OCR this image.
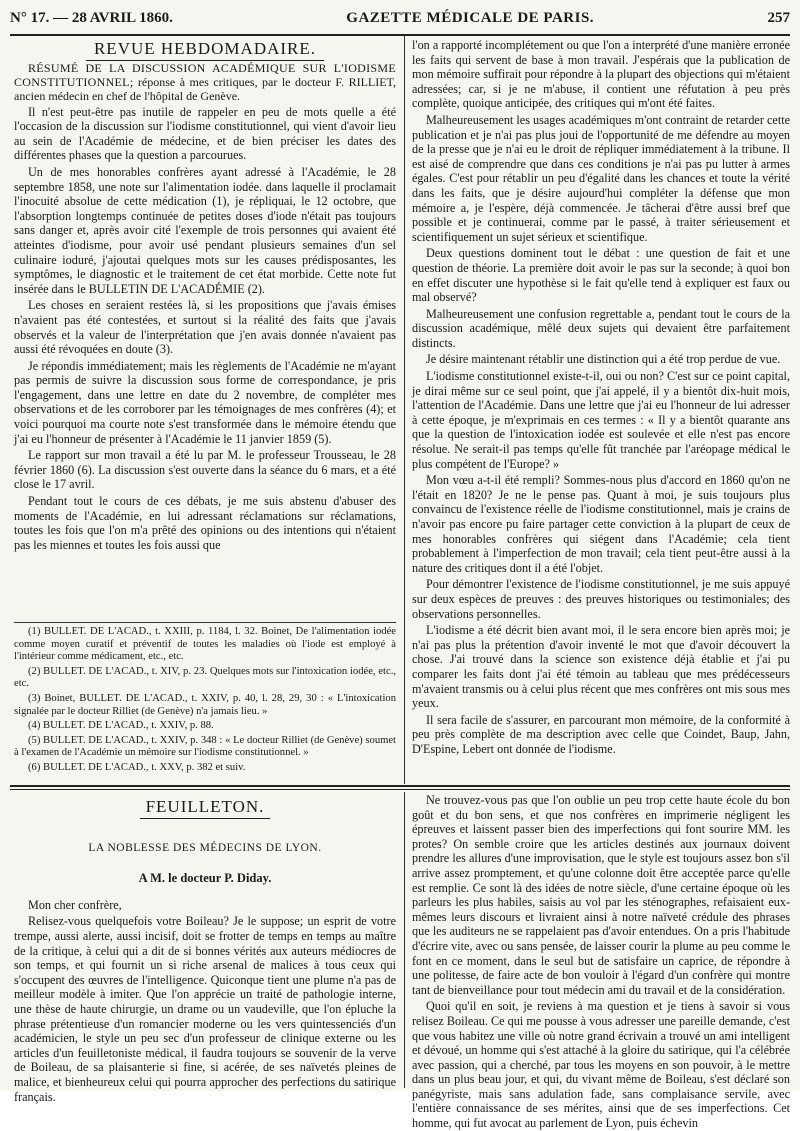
N° 17. — 28 AVRIL 1860.	GAZETTE MÉDICALE DE PARIS.	257
REVUE HEBDOMADAIRE.

RÉSUMÉ DE LA DISCUSSION ACADÉMIQUE SUR L'IODISME CONSTITUTIONNEL; réponse à mes critiques, par le docteur F. RILLIET, ancien médecin en chef de l'hôpital de Genève.

Il n'est peut-être pas inutile de rappeler en peu de mots quelle a été l'occasion de la discussion sur l'iodisme constitutionnel, qui vient d'avoir lieu au sein de l'Académie de médecine, et de bien préciser les dates des différentes phases que la question a parcourues.

Un de mes honorables confrères ayant adressé à l'Académie, le 28 septembre 1858, une note sur l'alimentation iodée. dans laquelle il proclamait l'inocuité absolue de cette médication (1), je répliquai, le 12 octobre, que l'absorption longtemps continuée de petites doses d'iode n'était pas toujours sans danger et, après avoir cité l'exemple de trois personnes qui avaient été atteintes d'iodisme, pour avoir usé pendant plusieurs semaines d'un sel culinaire ioduré, j'ajoutai quelques mots sur les causes prédisposantes, les symptômes, le diagnostic et le traitement de cet état morbide. Cette note fut insérée dans le BULLETIN DE L'ACADÉMIE (2).

Les choses en seraient restées là, si les propositions que j'avais émises n'avaient pas été contestées, et surtout si la réalité des faits que j'avais observés et la valeur de l'interprétation que j'en avais donnée n'avaient pas aussi été révoquées en doute (3).

Je répondis immédiatement; mais les règlements de l'Académie ne m'ayant pas permis de suivre la discussion sous forme de correspondance, je pris l'engagement, dans une lettre en date du 2 novembre, de compléter mes observations et de les corroborer par les témoignages de mes confrères (4); et voici pourquoi ma courte note s'est transformée dans le mémoire étendu que j'ai eu l'honneur de présenter à l'Académie le 11 janvier 1859 (5).

Le rapport sur mon travail a été lu par M. le professeur Trousseau, le 28 février 1860 (6). La discussion s'est ouverte dans la séance du 6 mars, et a été close le 17 avril.

Pendant tout le cours de ces débats, je me suis abstenu d'abuser des moments de l'Académie, en lui adressant réclamations sur réclamations, toutes les fois que l'on m'a prêté des opinions ou des intentions qui n'étaient pas les miennes et toutes les fois aussi que

(1) BULLET. DE L'ACAD., t. XXIII, p. 1184, l. 32. Boinet, De l'alimentation iodée comme moyen curatif et préventif de toutes les maladies où l'iode est employé à l'intérieur comme médicament, etc., etc.

(2) BULLET. DE L'ACAD., t. XIV, p. 23. Quelques mots sur l'intoxication iodée, etc., etc.

(3) Boinet, BULLET. DE L'ACAD., t. XXIV, p. 40, l. 28, 29, 30 : « L'intoxication signalée par le docteur Rilliet (de Genève) n'a jamais lieu. »

(4) BULLET. DE L'ACAD., t. XXIV, p. 88.

(5) BULLET. DE L'ACAD., t. XXIV, p. 348 : « Le docteur Rilliet (de Genève) soumet à l'examen de l'Académie un mémoire sur l'iodisme constitutionnel. »

(6) BULLET. DE L'ACAD., t. XXV, p. 382 et suiv.

l'on a rapporté incomplétement ou que l'on a interprété d'une manière erronée les faits qui servent de base à mon travail. J'espérais que la publication de mon mémoire suffirait pour répondre à la plupart des objections qui m'étaient adressées; car, si je ne m'abuse, il contient une réfutation à peu près complète, quoique anticipée, des critiques qui m'ont été faites.

Malheureusement les usages académiques m'ont contraint de retarder cette publication et je n'ai pas plus joui de l'opportunité de me défendre au moyen de la presse que je n'ai eu le droit de répliquer immédiatement à la tribune. Il est aisé de comprendre que dans ces conditions je n'ai pas pu lutter à armes égales. C'est pour rétablir un peu d'égalité dans les chances et toute la vérité dans les faits, que je désire aujourd'hui compléter la défense que mon mémoire a, je l'espère, déjà commencée. Je tâcherai d'être aussi bref que possible et je continuerai, comme par le passé, à traiter sérieusement et scientifiquement un sujet sérieux et scientifique.

Deux questions dominent tout le débat : une question de fait et une question de théorie. La première doit avoir le pas sur la seconde; à quoi bon en effet discuter une hypothèse si le fait qu'elle tend à expliquer est faux ou mal observé?

Malheureusement une confusion regrettable a, pendant tout le cours de la discussion académique, mêlé deux sujets qui devaient être parfaitement distincts.

Je désire maintenant rétablir une distinction qui a été trop perdue de vue.

L'iodisme constitutionnel existe-t-il, oui ou non? C'est sur ce point capital, je dirai même sur ce seul point, que j'ai appelé, il y a bientôt dix-huit mois, l'attention de l'Académie. Dans une lettre que j'ai eu l'honneur de lui adresser à cette époque, je m'exprimais en ces termes : « Il y a bientôt quarante ans que la question de l'intoxication iodée est soulevée et elle n'est pas encore résolue. Ne serait-il pas temps qu'elle fût tranchée par l'aréopage médical le plus compétent de l'Europe? »

Mon vœu a-t-il été rempli? Sommes-nous plus d'accord en 1860 qu'on ne l'était en 1820? Je ne le pense pas. Quant à moi, je suis toujours plus convaincu de l'existence réelle de l'iodisme constitutionnel, mais je crains de n'avoir pas encore pu faire partager cette conviction à la plupart de ceux de mes honorables confrères qui siégent dans l'Académie; cela tient probablement à l'imperfection de mon travail; cela tient peut-être aussi à la nature des critiques dont il a été l'objet.

Pour démontrer l'existence de l'iodisme constitutionnel, je me suis appuyé sur deux espèces de preuves : des preuves historiques ou testimoniales; des observations personnelles.

L'iodisme a été décrit bien avant moi, il le sera encore bien après moi; je n'ai pas plus la prétention d'avoir inventé le mot que d'avoir découvert la chose. J'ai trouvé dans la science son existence déjà établie et j'ai pu comparer les faits dont j'ai été témoin au tableau que mes prédécesseurs m'avaient transmis ou à celui plus récent que mes confrères ont mis sous mes yeux.

Il sera facile de s'assurer, en parcourant mon mémoire, de la conformité à peu près complète de ma description avec celle que Coindet, Baup, Jahn, D'Espine, Lebert ont donnée de l'iodisme.

FEUILLETON.
LA NOBLESSE DES MÉDECINS DE LYON.
A M. le docteur P. Diday.

Mon cher confrère,

Relisez-vous quelquefois votre Boileau? Je le suppose; un esprit de votre trempe, aussi alerte, aussi incisif, doit se frotter de temps en temps au maître de la critique, à celui qui a dit de si bonnes vérités aux auteurs médiocres de son temps, et qui fournit un si riche arsenal de malices à tous ceux qui s'occupent des œuvres de l'intelligence. Quiconque tient une plume n'a pas de meilleur modèle à imiter. Que l'on apprécie un traité de pathologie interne, une thèse de haute chirurgie, un drame ou un vaudeville, que l'on épluche la phrase prétentieuse d'un romancier moderne ou les vers quintessenciés d'un académicien, le style un peu sec d'un professeur de clinique externe ou les articles d'un feuilletoniste médical, il faudra toujours se souvenir de la verve de Boileau, de sa plaisanterie si fine, si acérée, de ses naïvetés pleines de malice, et bienheureux celui qui pourra approcher des perfections du satirique français.

Ne trouvez-vous pas que l'on oublie un peu trop cette haute école du bon goût et du bon sens, et que nos confrères en imprimerie négligent les épreuves et laissent passer bien des imperfections qui font sourire MM. les protes? On semble croire que les articles destinés aux journaux doivent prendre les allures d'une improvisation, que le style est toujours assez bon s'il arrive assez promptement, et qu'une colonne doit être acceptée parce qu'elle est remplie. Ce sont là des idées de notre siècle, d'une certaine époque où les parleurs les plus habiles, saisis au vol par les sténographes, refaisaient eux-mêmes leurs discours et livraient ainsi à notre naïveté crédule des phrases que les auditeurs ne se rappelaient pas d'avoir entendues. On a pris l'habitude d'écrire vite, avec ou sans pensée, de laisser courir la plume au peu comme le font en ce moment, dans le seul but de satisfaire un caprice, de répondre à une politesse, de faire acte de bon vouloir à l'égard d'un confrère qui montre tant de bienveillance pour tout médecin ami du travail et de la considération.

Quoi qu'il en soit, je reviens à ma question et je tiens à savoir si vous relisez Boileau. Ce qui me pousse à vous adresser une pareille demande, c'est que vous habitez une ville où notre grand écrivain a trouvé un ami intelligent et dévoué, un homme qui s'est attaché à la gloire du satirique, qui l'a célébrée avec passion, qui a cherché, par tous les moyens en son pouvoir, à le mettre dans un plus beau jour, et qui, du vivant même de Boileau, s'est déclaré son panégyriste, mais sans adulation fade, sans complaisance servile, avec l'entière connaissance de ses mérites, ainsi que de ses imperfections. Cet homme, qui fut avocat au parlement de Lyon, puis échevin
